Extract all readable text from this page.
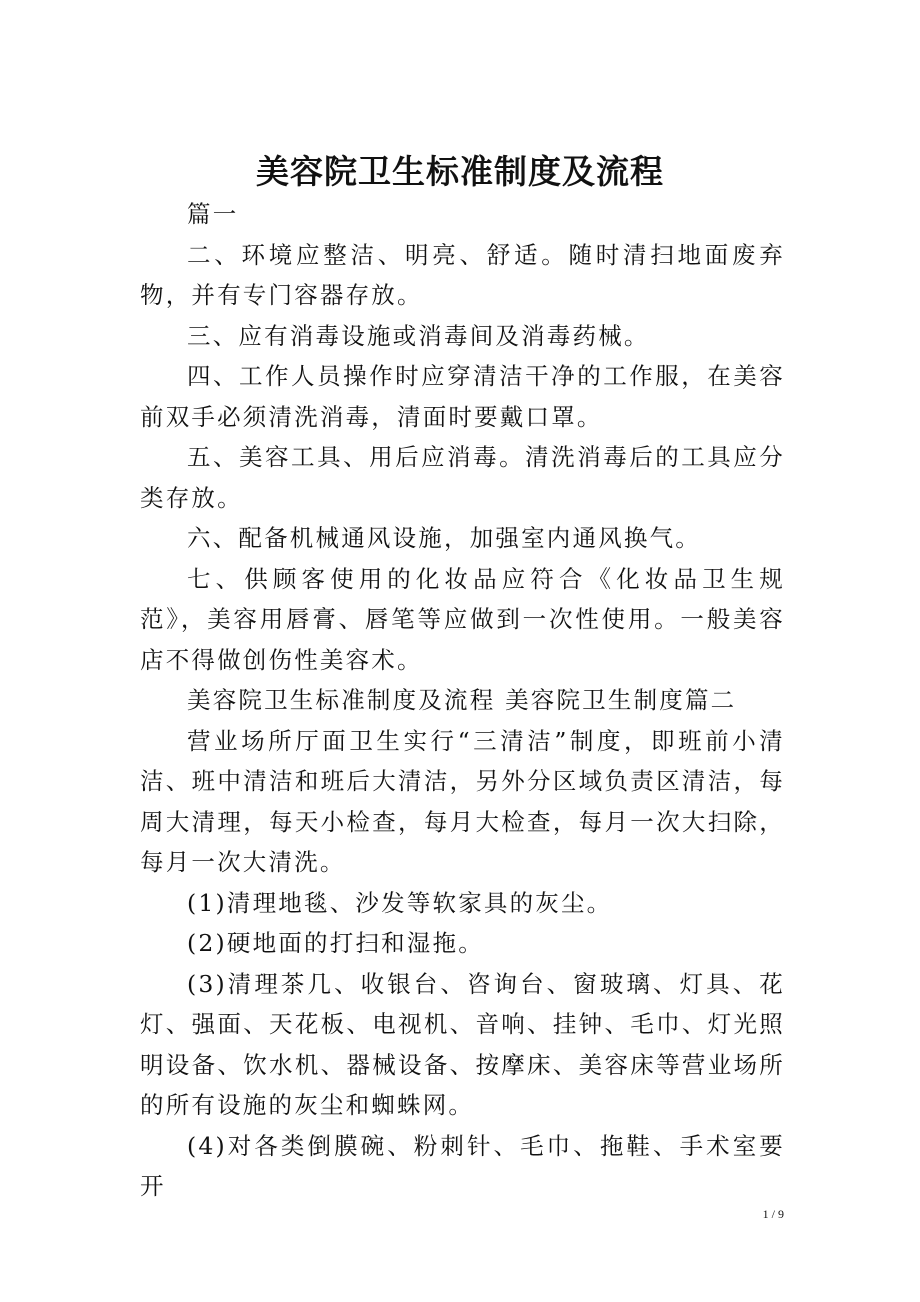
美容院卫生标准制度及流程

篇一

二、环境应整洁、明亮、舒适。随时清扫地面废弃物，并有专门容器存放。

三、应有消毒设施或消毒间及消毒药械。

四、工作人员操作时应穿清洁干净的工作服，在美容前双手必须清洗消毒，清面时要戴口罩。

五、美容工具、用后应消毒。清洗消毒后的工具应分类存放。

六、配备机械通风设施，加强室内通风换气。

七、供顾客使用的化妆品应符合《化妆品卫生规范》，美容用唇膏、唇笔等应做到一次性使用。一般美容店不得做创伤性美容术。

美容院卫生标准制度及流程 美容院卫生制度篇二

营业场所厅面卫生实行“三清洁”制度，即班前小清洁、班中清洁和班后大清洁，另外分区域负责区清洁，每周大清理，每天小检查，每月大检查，每月一次大扫除，每月一次大清洗。

(1)清理地毯、沙发等软家具的灰尘。

(2)硬地面的打扫和湿拖。

(3)清理茶几、收银台、咨询台、窗玻璃、灯具、花灯、强面、天花板、电视机、音响、挂钟、毛巾、灯光照明设备、饮水机、器械设备、按摩床、美容床等营业场所的所有设施的灰尘和蜘蛛网。

(4)对各类倒膜碗、粉刺针、毛巾、拖鞋、手术室要开

1 / 9
